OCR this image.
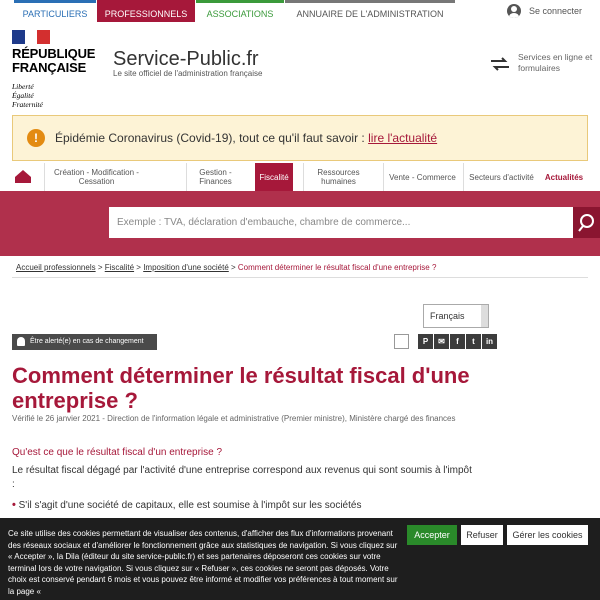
PARTICULIERS	PROFESSIONNELS	ASSOCIATIONS	ANNUAIRE DE L'ADMINISTRATION	Se connecter
RÉPUBLIQUE
FRANÇAISE
Liberté
Égalité
Fraternité
Service-Public.fr
Le site officiel de l'administration française
Services en ligne et formulaires
!	Épidémie Coronavirus (Covid-19), tout ce qu'il faut savoir : lire l'actualité
Création - Modification - Cessation
Gestion - Finances	Fiscalité	Ressources humaines	Vente - Commerce	Secteurs d'activité	Actualités
Exemple : TVA, déclaration d'embauche, chambre de commerce...
Accueil professionnels > Fiscalité > Imposition d'une société > Comment déterminer le résultat fiscal d'une entreprise ?
Français
Être alerté(e) en cas de changement	P	✉	f	t	in
Comment déterminer le résultat fiscal d'une entreprise ?
Vérifié le 26 janvier 2021 - Direction de l'information légale et administrative (Premier ministre), Ministère chargé des finances
Qu'est ce que le résultat fiscal d'un entreprise ?
Le résultat fiscal dégagé par l'activité d'une entreprise correspond aux revenus qui sont soumis à l'impôt :
• S'il s'agit d'une société de capitaux, elle est soumise à l'impôt sur les sociétés
Ce site utilise des cookies permettant de visualiser des contenus, d'afficher des flux d'informations provenant des réseaux sociaux et d'améliorer le fonctionnement grâce aux statistiques de navigation. Si vous cliquez sur « Accepter », la Dila (éditeur du site service-public.fr) et ses partenaires déposeront ces cookies sur votre terminal lors de votre navigation. Si vous cliquez sur « Refuser », ces cookies ne seront pas déposés. Votre choix est conservé pendant 6 mois et vous pouvez être informé et modifier vos préférences à tout moment sur la page «
Accepter	Refuser	Gérer les cookies
